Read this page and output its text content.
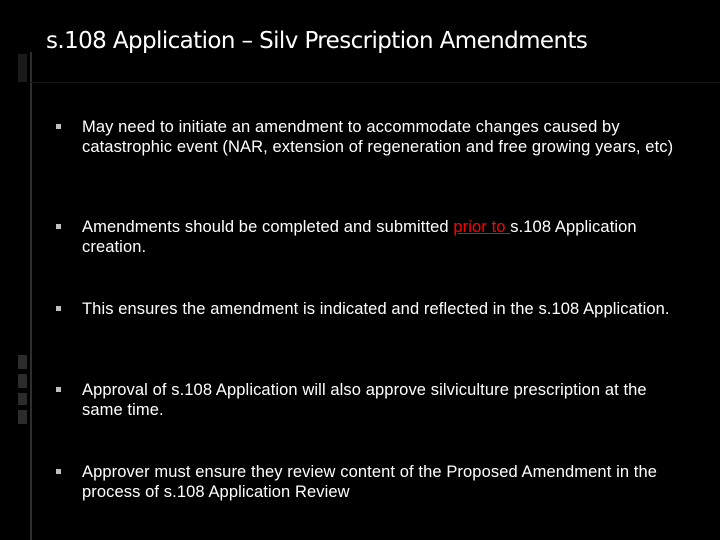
s.108 Application – Silv Prescription Amendments
May need to initiate an amendment to accommodate changes caused by catastrophic event (NAR, extension of regeneration and free growing years, etc)
Amendments should be completed and submitted prior to s.108 Application creation.
This ensures the amendment is indicated and reflected in the s.108 Application.
Approval of s.108 Application will also approve silviculture prescription at the same time.
Approver must ensure they review content of the Proposed Amendment in the process of s.108 Application Review
